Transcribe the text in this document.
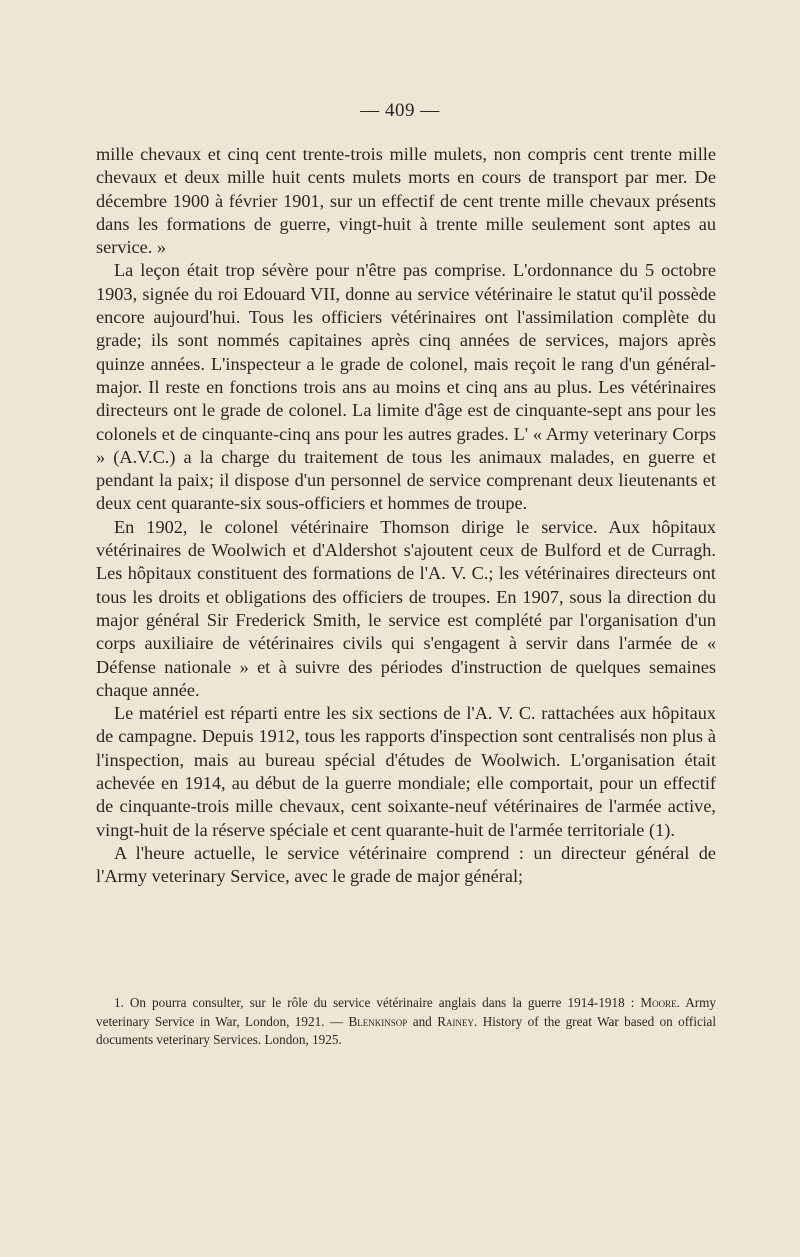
— 409 —

mille chevaux et cinq cent trente-trois mille mulets, non compris cent trente mille chevaux et deux mille huit cents mulets morts en cours de transport par mer. De décembre 1900 à février 1901, sur un effectif de cent trente mille chevaux présents dans les formations de guerre, vingt-huit à trente mille seulement sont aptes au service. »

La leçon était trop sévère pour n'être pas comprise. L'ordonnance du 5 octobre 1903, signée du roi Edouard VII, donne au service vétérinaire le statut qu'il possède encore aujourd'hui. Tous les officiers vétérinaires ont l'assimilation complète du grade; ils sont nommés capitaines après cinq années de services, majors après quinze années. L'inspecteur a le grade de colonel, mais reçoit le rang d'un général-major. Il reste en fonctions trois ans au moins et cinq ans au plus. Les vétérinaires directeurs ont le grade de colonel. La limite d'âge est de cinquante-sept ans pour les colonels et de cinquante-cinq ans pour les autres grades. L' « Army veterinary Corps » (A.V.C.) a la charge du traitement de tous les animaux malades, en guerre et pendant la paix; il dispose d'un personnel de service comprenant deux lieutenants et deux cent quarante-six sous-officiers et hommes de troupe.

En 1902, le colonel vétérinaire Thomson dirige le service. Aux hôpitaux vétérinaires de Woolwich et d'Aldershot s'ajoutent ceux de Bulford et de Curragh. Les hôpitaux constituent des formations de l'A. V. C.; les vétérinaires directeurs ont tous les droits et obligations des officiers de troupes. En 1907, sous la direction du major général Sir Frederick Smith, le service est complété par l'organisation d'un corps auxiliaire de vétérinaires civils qui s'engagent à servir dans l'armée de « Défense nationale » et à suivre des périodes d'instruction de quelques semaines chaque année.

Le matériel est réparti entre les six sections de l'A. V. C. rattachées aux hôpitaux de campagne. Depuis 1912, tous les rapports d'inspection sont centralisés non plus à l'inspection, mais au bureau spécial d'études de Woolwich. L'organisation était achevée en 1914, au début de la guerre mondiale; elle comportait, pour un effectif de cinquante-trois mille chevaux, cent soixante-neuf vétérinaires de l'armée active, vingt-huit de la réserve spéciale et cent quarante-huit de l'armée territoriale (1).

A l'heure actuelle, le service vétérinaire comprend : un directeur général de l'Army veterinary Service, avec le grade de major général;

1. On pourra consulter, sur le rôle du service vétérinaire anglais dans la guerre 1914-1918 : Moore. Army veterinary Service in War, London, 1921. — Blenkinsop and Rainey. History of the great War based on official documents veterinary Services. London, 1925.
